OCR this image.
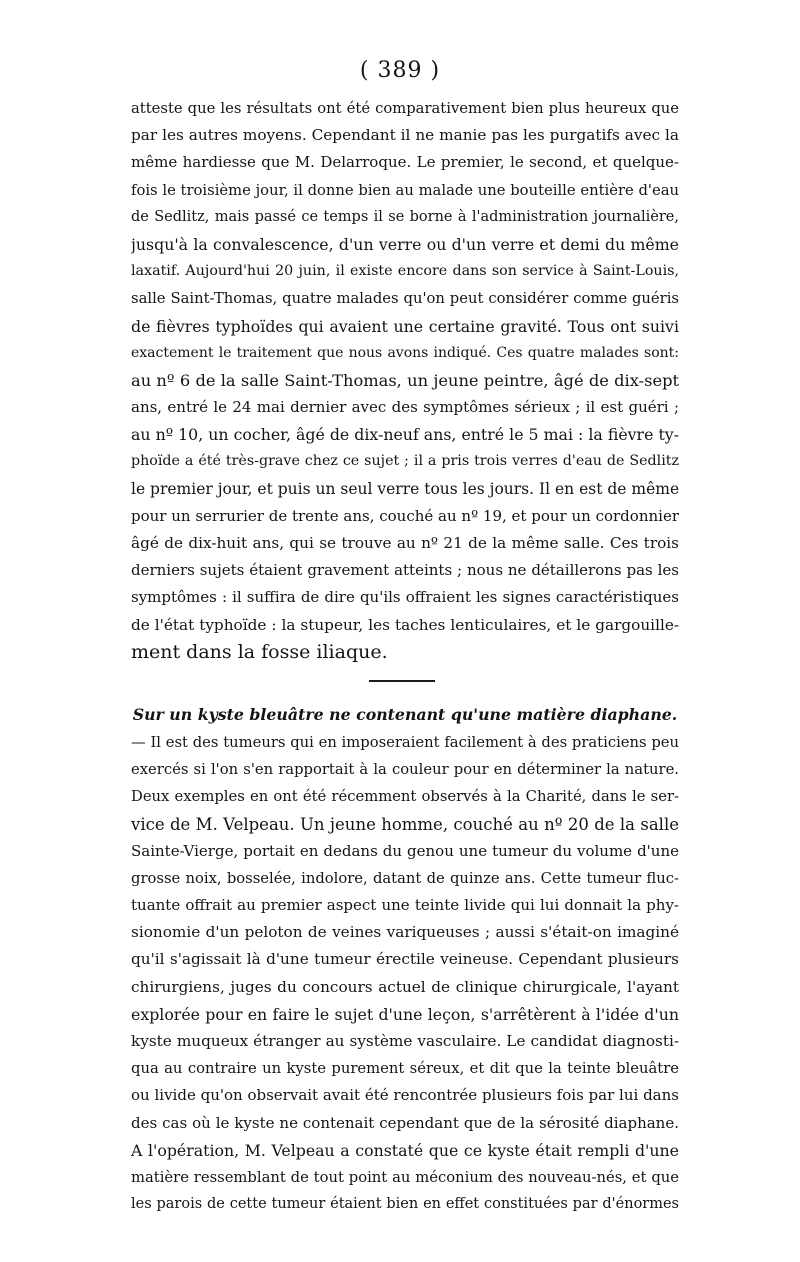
( 389 )
atteste que les résultats ont été comparativement bien plus heureux que
par les autres moyens. Cependant il ne manie pas les purgatifs avec la
même hardiesse que M. Delarroque. Le premier, le second, et quelque-
fois le troisième jour, il donne bien au malade une bouteille entière d'eau
de Sedlitz, mais passé ce temps il se borne à l'administration journalière,
jusqu'à la convalescence, d'un verre ou d'un verre et demi du même
laxatif. Aujourd'hui 20 juin, il existe encore dans son service à Saint-Louis,
salle Saint-Thomas, quatre malades qu'on peut considérer comme guéris
de fièvres typhoïdes qui avaient une certaine gravité. Tous ont suivi
exactement le traitement que nous avons indiqué. Ces quatre malades sont:
au nº 6 de la salle Saint-Thomas, un jeune peintre, âgé de dix-sept
ans, entré le 24 mai dernier avec des symptômes sérieux ; il est guéri ;
au nº 10, un cocher, âgé de dix-neuf ans, entré le 5 mai : la fièvre ty-
phoïde a été très-grave chez ce sujet ; il a pris trois verres d'eau de Sedlitz
le premier jour, et puis un seul verre tous les jours. Il en est de même
pour un serrurier de trente ans, couché au nº 19, et pour un cordonnier
âgé de dix-huit ans, qui se trouve au nº 21 de la même salle. Ces trois
derniers sujets étaient gravement atteints ; nous ne détaillerons pas les
symptômes : il suffira de dire qu'ils offraient les signes caractéristiques
de l'état typhoïde : la stupeur, les taches lenticulaires, et le gargouille-
ment dans la fosse iliaque.
Sur un kyste bleuâtre ne contenant qu'une matière diaphane.
— Il est des tumeurs qui en imposeraient facilement à des praticiens peu
exercés si l'on s'en rapportait à la couleur pour en déterminer la nature.
Deux exemples en ont été récemment observés à la Charité, dans le ser-
vice de M. Velpeau. Un jeune homme, couché au nº 20 de la salle
Sainte-Vierge, portait en dedans du genou une tumeur du volume d'une
grosse noix, bosselée, indolore, datant de quinze ans. Cette tumeur fluc-
tuante offrait au premier aspect une teinte livide qui lui donnait la phy-
sionomie d'un peloton de veines variqueuses ; aussi s'était-on imaginé
qu'il s'agissait là d'une tumeur érectile veineuse. Cependant plusieurs
chirurgiens, juges du concours actuel de clinique chirurgicale, l'ayant
explorée pour en faire le sujet d'une leçon, s'arrêtèrent à l'idée d'un
kyste muqueux étranger au système vasculaire. Le candidat diagnosti-
qua au contraire un kyste purement séreux, et dit que la teinte bleuâtre
ou livide qu'on observait avait été rencontrée plusieurs fois par lui dans
des cas où le kyste ne contenait cependant que de la sérosité diaphane.
A l'opération, M. Velpeau a constaté que ce kyste était rempli d'une
matière ressemblant de tout point au méconium des nouveau-nés, et que
les parois de cette tumeur étaient bien en effet constituées par d'énormes
